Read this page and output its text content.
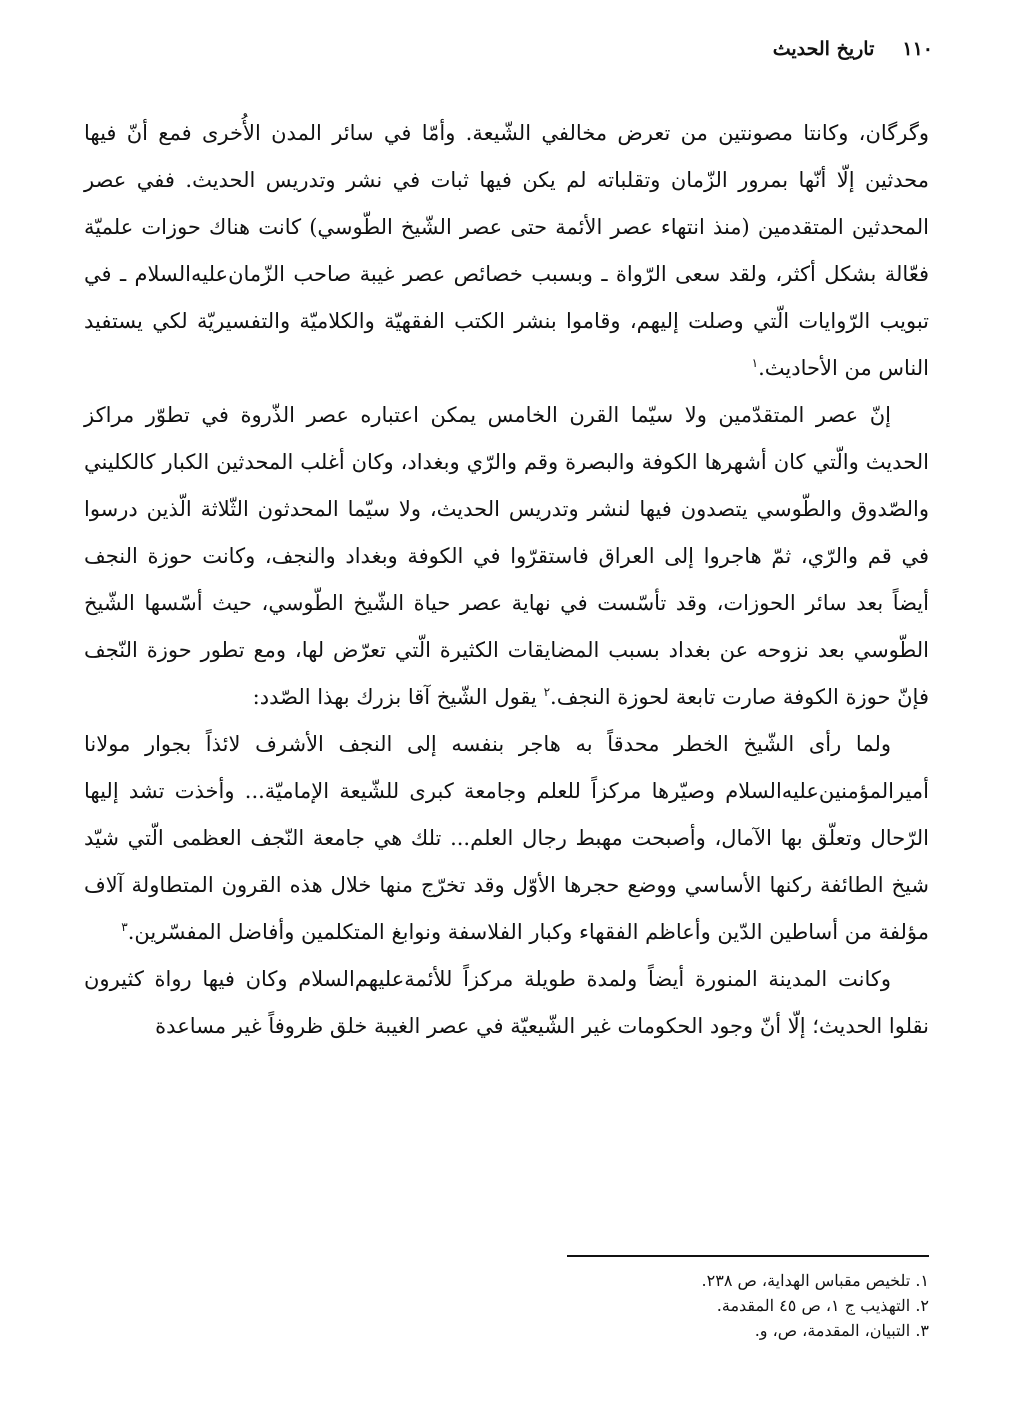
١١٠
تاريخ الحديث

وگرگان، وكانتا مصونتين من تعرض مخالفي الشّيعة. وأمّا في سائر المدن الأُخرى فمع أنّ فيها محدثين إلّا أنّها بمرور الزّمان وتقلباته لم يكن فيها ثبات في نشر وتدريس الحديث. ففي عصر المحدثين المتقدمين (منذ انتهاء عصر الأئمة حتى عصر الشّيخ الطّوسي) كانت هناك حوزات علميّة فعّالة بشكل أكثر، ولقد سعى الرّواة ـ وبسبب خصائص عصر غيبة صاحب الزّمان‌عليه‌السلام ـ في تبويب الرّوايات الّتي وصلت إليهم، وقاموا بنشر الكتب الفقهيّة والكلاميّة والتفسيريّة لكي يستفيد الناس من الأحاديث.$^١$

إنّ عصر المتقدّمين ولا سيّما القرن الخامس يمكن اعتباره عصر الذّروة في تطوّر مراكز الحديث والّتي كان أشهرها الكوفة والبصرة وقم والرّي وبغداد، وكان أغلب المحدثين الكبار كالكليني والصّدوق والطّوسي يتصدون فيها لنشر وتدريس الحديث، ولا سيّما المحدثون الثّلاثة الّذين درسوا في قم والرّي، ثمّ هاجروا إلى العراق فاستقرّوا في الكوفة وبغداد والنجف، وكانت حوزة النجف أيضاً بعد سائر الحوزات، وقد تأسّست في نهاية عصر حياة الشّيخ الطّوسي، حيث أسّسها الشّيخ الطّوسي بعد نزوحه عن بغداد بسبب المضايقات الكثيرة الّتي تعرّض لها، ومع تطور حوزة النّجف فإنّ حوزة الكوفة صارت تابعة لحوزة النجف.$^٢$ يقول الشّيخ آقا بزرك بهذا الصّدد:

ولما رأى الشّيخ الخطر محدقاً به هاجر بنفسه إلى النجف الأشرف لائذاً بجوار مولانا أميرالمؤمنين‌عليه‌السلام وصيّرها مركزاً للعلم وجامعة كبرى للشّيعة الإماميّة... وأخذت تشد إليها الرّحال وتعلّق بها الآمال، وأصبحت مهبط رجال العلم... تلك هي جامعة النّجف العظمى الّتي شيّد شيخ الطائفة ركنها الأساسي ووضع حجرها الأوّل وقد تخرّج منها خلال هذه القرون المتطاولة آلاف مؤلفة من أساطين الدّين وأعاظم الفقهاء وكبار الفلاسفة ونوابغ المتكلمين وأفاضل المفسّرين.$^٣$

وكانت المدينة المنورة أيضاً ولمدة طويلة مركزاً للأئمة‌عليهم‌السلام وكان فيها رواة كثيرون نقلوا الحديث؛ إلّا أنّ وجود الحكومات غير الشّيعيّة في عصر الغيبة خلق ظروفاً غير مساعدة

١. تلخيص مقباس الهداية، ص ٢٣٨.
٢. التهذيب ج ١، ص ٤٥ المقدمة.
٣. التبيان، المقدمة، ص، و.
